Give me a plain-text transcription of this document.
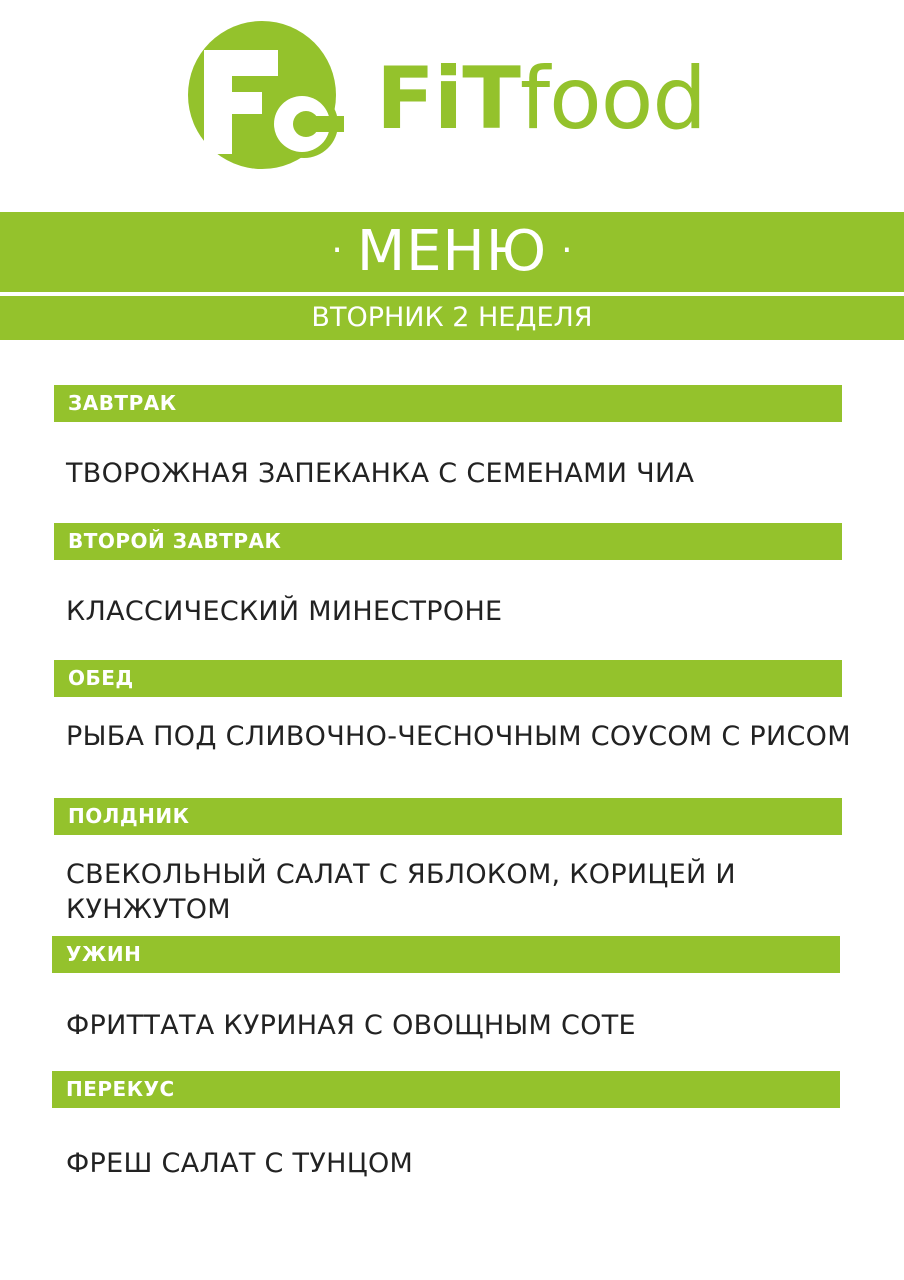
FiTfood
· МЕНЮ ·
ВТОРНИК 2 НЕДЕЛЯ
ЗАВТРАК
ТВОРОЖНАЯ ЗАПЕКАНКА С СЕМЕНАМИ ЧИА
ВТОРОЙ ЗАВТРАК
КЛАССИЧЕСКИЙ МИНЕСТРОНЕ
ОБЕД
РЫБА ПОД СЛИВОЧНО-ЧЕСНОЧНЫМ СОУСОМ С РИСОМ
ПОЛДНИК
СВЕКОЛЬНЫЙ САЛАТ С ЯБЛОКОМ, КОРИЦЕЙ И КУНЖУТОМ
УЖИН
ФРИТТАТА КУРИНАЯ С ОВОЩНЫМ СОТЕ
ПЕРЕКУС
ФРЕШ САЛАТ С ТУНЦОМ
